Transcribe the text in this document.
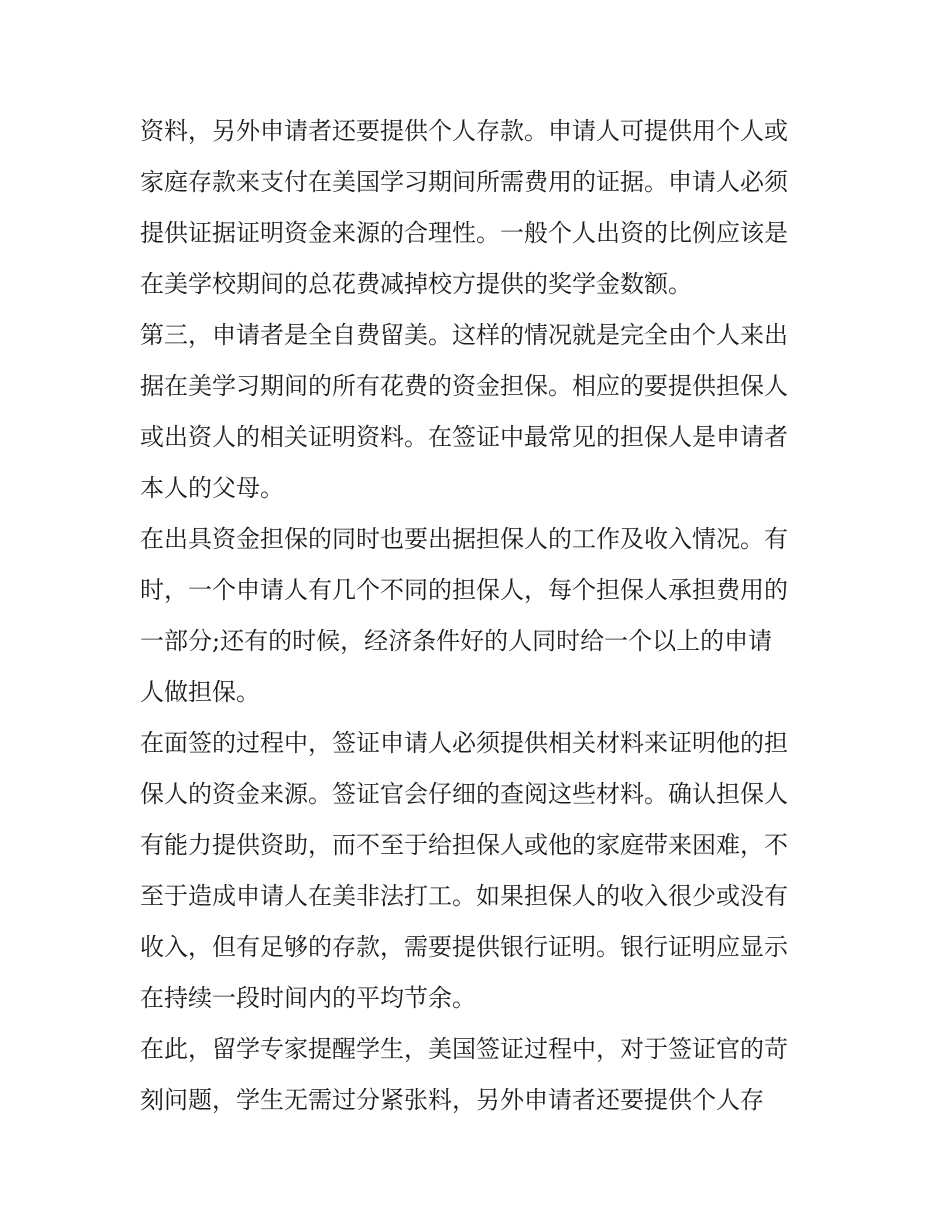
资料，另外申请者还要提供个人存款。申请人可提供用个人或
家庭存款来支付在美国学习期间所需费用的证据。申请人必须
提供证据证明资金来源的合理性。一般个人出资的比例应该是
在美学校期间的总花费减掉校方提供的奖学金数额。
第三，申请者是全自费留美。这样的情况就是完全由个人来出
据在美学习期间的所有花费的资金担保。相应的要提供担保人
或出资人的相关证明资料。在签证中最常见的担保人是申请者
本人的父母。
在出具资金担保的同时也要出据担保人的工作及收入情况。有
时，一个申请人有几个不同的担保人，每个担保人承担费用的
一部分;还有的时候，经济条件好的人同时给一个以上的申请
人做担保。
在面签的过程中，签证申请人必须提供相关材料来证明他的担
保人的资金来源。签证官会仔细的查阅这些材料。确认担保人
有能力提供资助，而不至于给担保人或他的家庭带来困难，不
至于造成申请人在美非法打工。如果担保人的收入很少或没有
收入，但有足够的存款，需要提供银行证明。银行证明应显示
在持续一段时间内的平均节余。
在此，留学专家提醒学生，美国签证过程中，对于签证官的苛
刻问题，学生无需过分紧张料，另外申请者还要提供个人存
